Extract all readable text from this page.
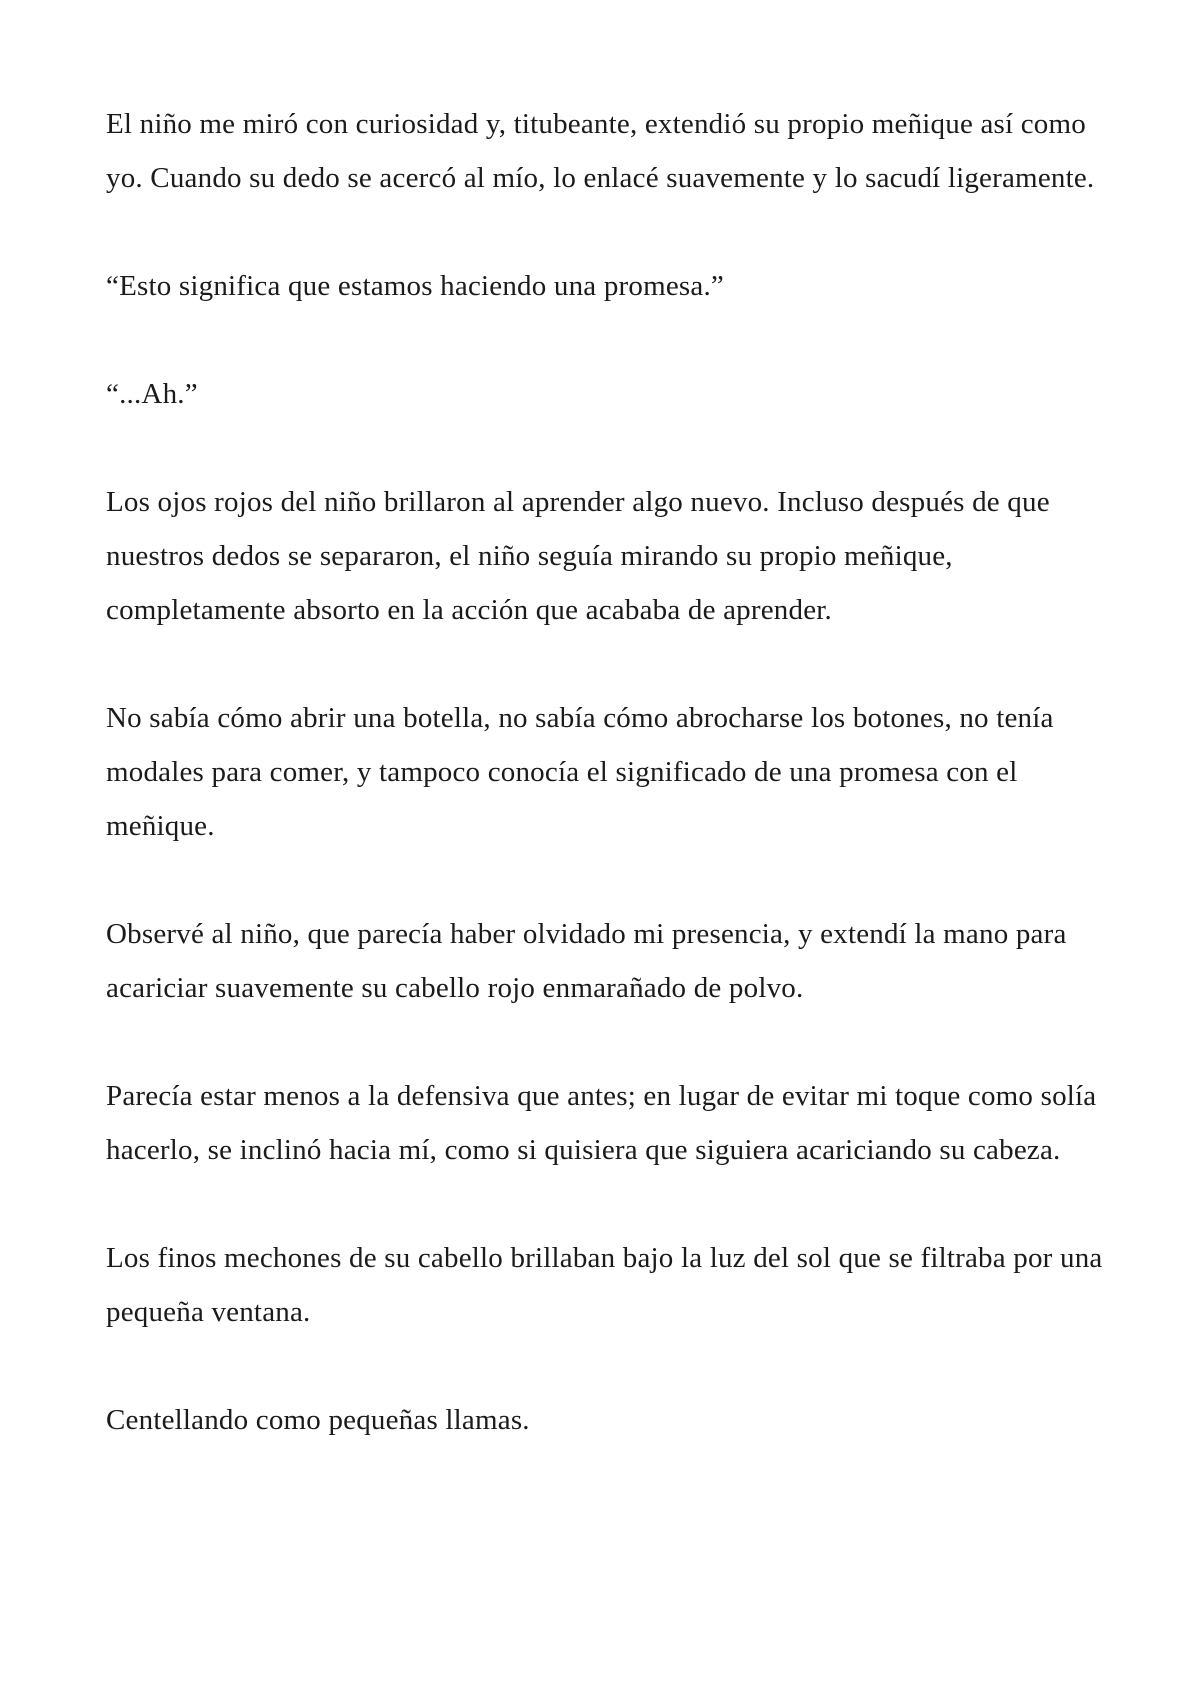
El niño me miró con curiosidad y, titubeante, extendió su propio meñique así como yo. Cuando su dedo se acercó al mío, lo enlacé suavemente y lo sacudí ligeramente.

“Esto significa que estamos haciendo una promesa.”

“...Ah.”

Los ojos rojos del niño brillaron al aprender algo nuevo. Incluso después de que nuestros dedos se separaron, el niño seguía mirando su propio meñique, completamente absorto en la acción que acababa de aprender.

No sabía cómo abrir una botella, no sabía cómo abrocharse los botones, no tenía modales para comer, y tampoco conocía el significado de una promesa con el meñique.

Observé al niño, que parecía haber olvidado mi presencia, y extendí la mano para acariciar suavemente su cabello rojo enmarañado de polvo.

Parecía estar menos a la defensiva que antes; en lugar de evitar mi toque como solía hacerlo, se inclinó hacia mí, como si quisiera que siguiera acariciando su cabeza.

Los finos mechones de su cabello brillaban bajo la luz del sol que se filtraba por una pequeña ventana.

Centellando como pequeñas llamas.
